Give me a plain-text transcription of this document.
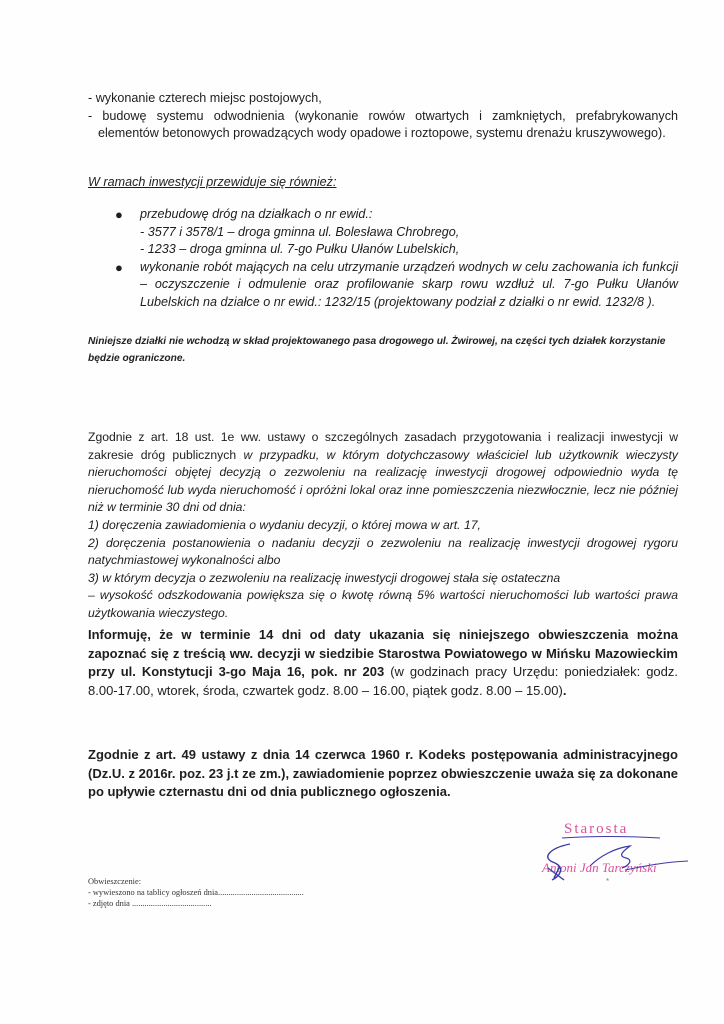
- wykonanie czterech miejsc postojowych,

- budowę systemu odwodnienia (wykonanie rowów otwartych i zamkniętych, prefabrykowanych elementów betonowych prowadzących wody opadowe i roztopowe, systemu drenażu kruszywowego).

W ramach inwestycji przewiduje się również:
● przebudowę dróg na działkach o nr ewid.:
- 3577 i 3578/1 – droga gminna ul. Bolesława Chrobrego,
- 1233 – droga gminna ul. 7-go Pułku Ułanów Lubelskich,
● wykonanie robót mających na celu utrzymanie urządzeń wodnych w celu zachowania ich funkcji – oczyszczenie i odmulenie oraz profilowanie skarp rowu wzdłuż ul. 7-go Pułku Ułanów Lubelskich na działce o nr ewid.: 1232/15 (projektowany podział z działki o nr ewid. 1232/8 ).
Niniejsze działki nie wchodzą w skład projektowanego pasa drogowego ul. Żwirowej, na części tych działek korzystanie będzie ograniczone.
Zgodnie z art. 18 ust. 1e ww. ustawy o szczególnych zasadach przygotowania i realizacji inwestycji w zakresie dróg publicznych w przypadku, w którym dotychczasowy właściciel lub użytkownik wieczysty nieruchomości objętej decyzją o zezwoleniu na realizację inwestycji drogowej odpowiednio wyda tę nieruchomość lub wyda nieruchomość i opróżni lokal oraz inne pomieszczenia niezwłocznie, lecz nie później niż w terminie 30 dni od dnia:
1) doręczenia zawiadomienia o wydaniu decyzji, o której mowa w art. 17,
2) doręczenia postanowienia o nadaniu decyzji o zezwoleniu na realizację inwestycji drogowej rygoru natychmiastowej wykonalności albo
3) w którym decyzja o zezwoleniu na realizację inwestycji drogowej stała się ostateczna
– wysokość odszkodowania powiększa się o kwotę równą 5% wartości nieruchomości lub wartości prawa użytkowania wieczystego.
Informuję, że w terminie 14 dni od daty ukazania się niniejszego obwieszczenia można zapoznać się z treścią ww. decyzji w siedzibie Starostwa Powiatowego w Mińsku Mazowieckim przy ul. Konstytucji 3-go Maja 16, pok. nr 203 (w godzinach pracy Urzędu: poniedziałek: godz. 8.00-17.00, wtorek, środa, czwartek godz. 8.00 – 16.00, piątek godz. 8.00 – 15.00).
Zgodnie z art. 49 ustawy z dnia 14 czerwca 1960 r. Kodeks postępowania administracyjnego (Dz.U. z 2016r. poz. 23 j.t ze zm.), zawiadomienie poprzez obwieszczenie uważa się za dokonane po upływie czternastu dni od dnia publicznego ogłoszenia.
Starosta
Antoni Jan Tarczyński
*
Obwieszczenie:
- wywieszono na tablicy ogłoszeń dnia.........................................
- zdjęto dnia ......................................
